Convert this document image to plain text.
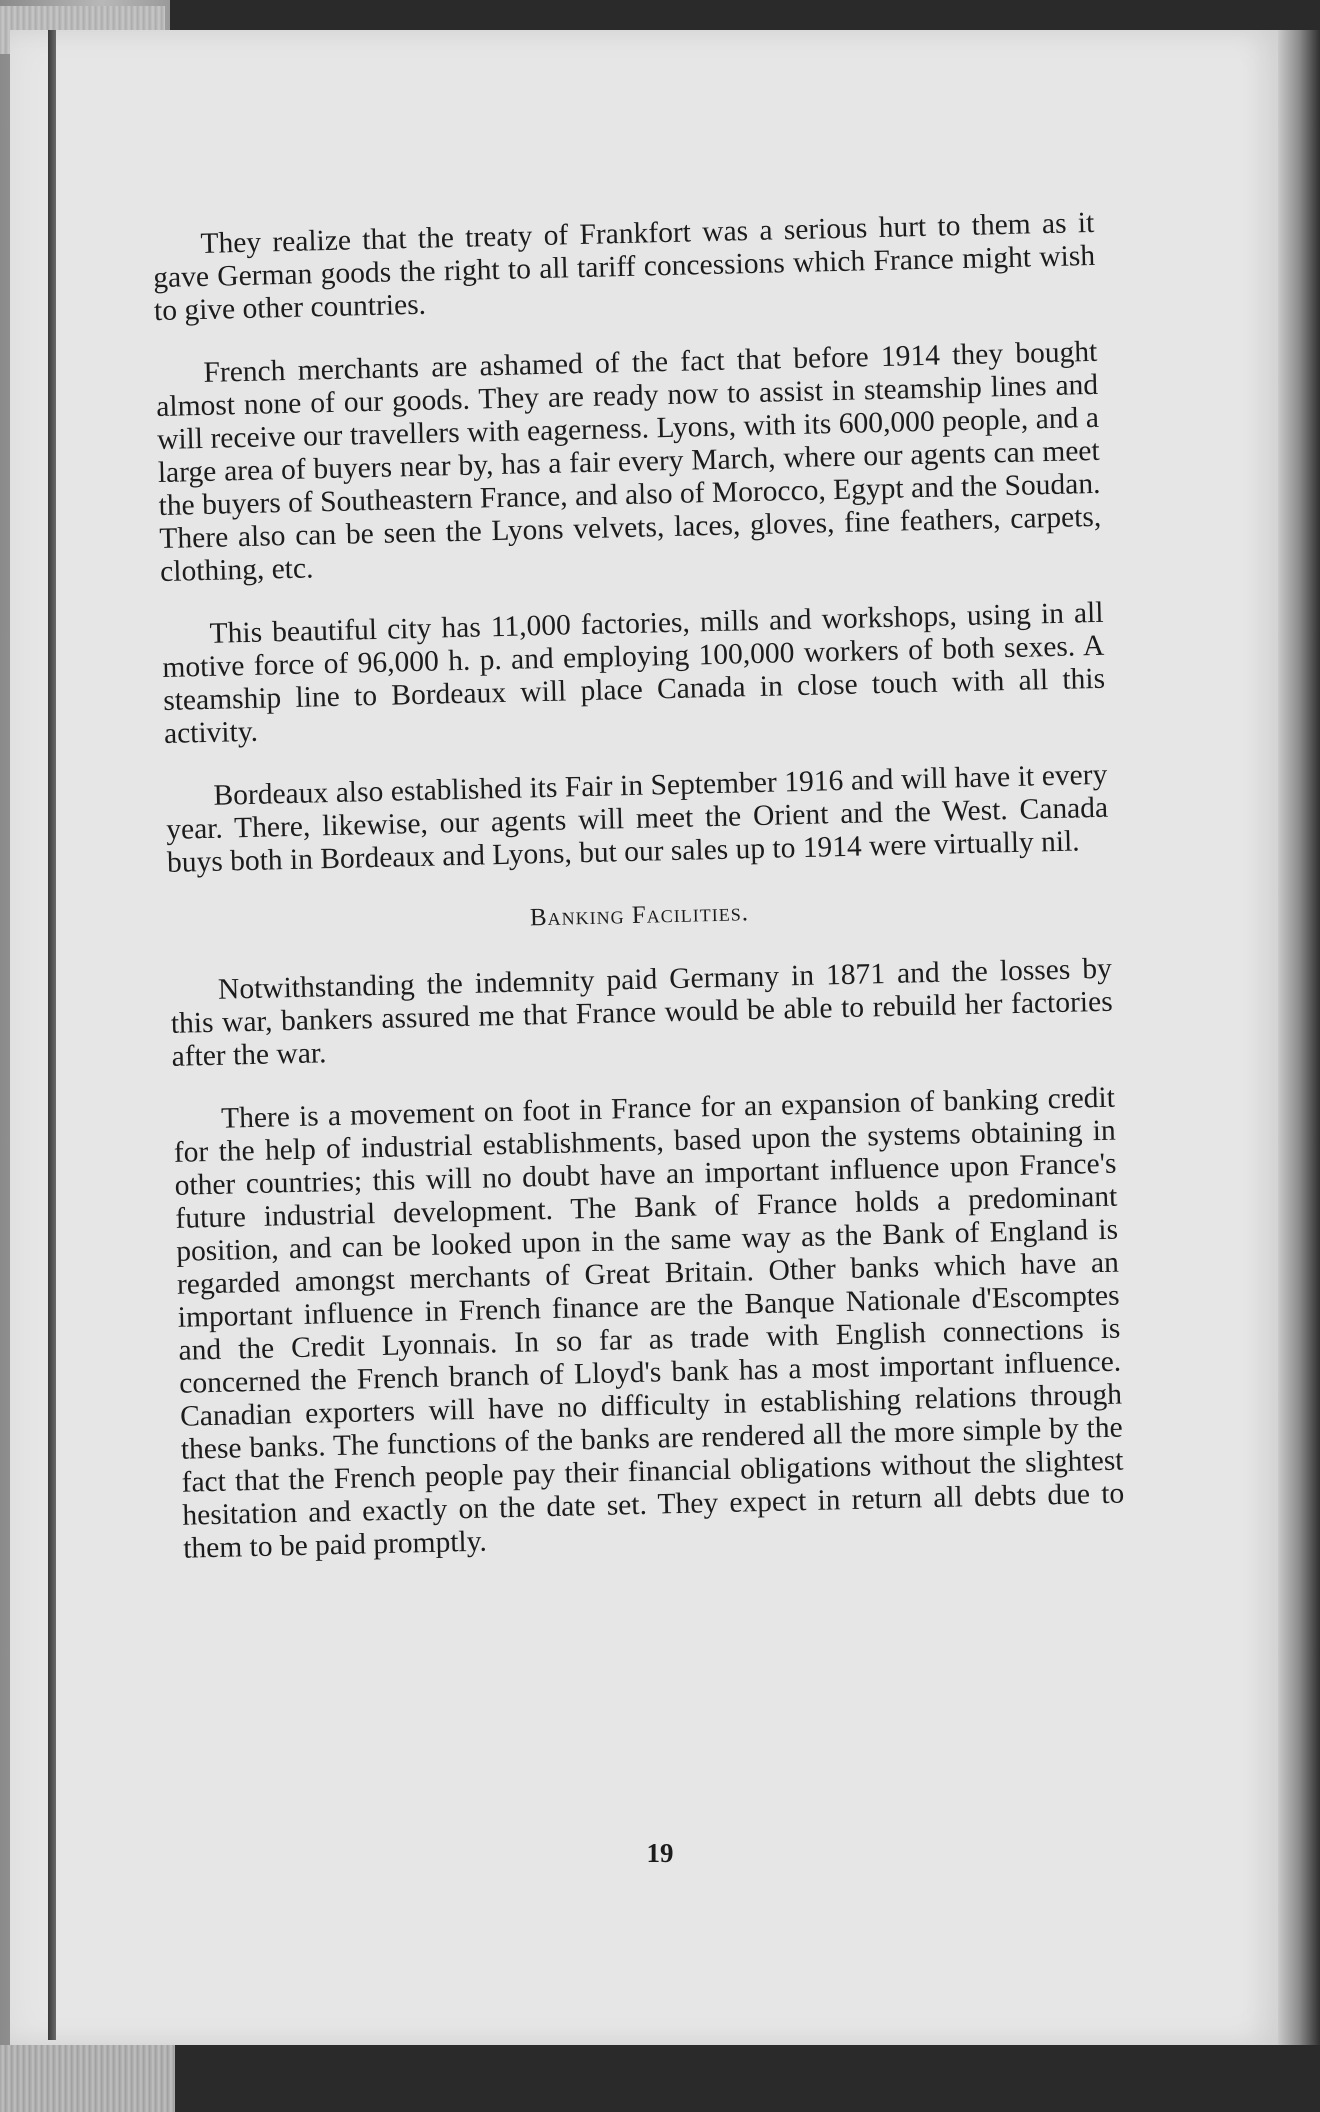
They realize that the treaty of Frankfort was a serious hurt to them as it gave German goods the right to all tariff concessions which France might wish to give other countries.

French merchants are ashamed of the fact that before 1914 they bought almost none of our goods. They are ready now to assist in steamship lines and will receive our travellers with eagerness. Lyons, with its 600,000 people, and a large area of buyers near by, has a fair every March, where our agents can meet the buyers of Southeastern France, and also of Morocco, Egypt and the Soudan. There also can be seen the Lyons velvets, laces, gloves, fine feathers, carpets, clothing, etc.

This beautiful city has 11,000 factories, mills and workshops, using in all motive force of 96,000 h. p. and employing 100,000 workers of both sexes. A steamship line to Bordeaux will place Canada in close touch with all this activity.

Bordeaux also established its Fair in September 1916 and will have it every year. There, likewise, our agents will meet the Orient and the West. Canada buys both in Bordeaux and Lyons, but our sales up to 1914 were virtually nil.

Banking Facilities.

Notwithstanding the indemnity paid Germany in 1871 and the losses by this war, bankers assured me that France would be able to rebuild her factories after the war.

There is a movement on foot in France for an expansion of banking credit for the help of industrial establishments, based upon the systems obtaining in other countries; this will no doubt have an important influence upon France's future industrial development. The Bank of France holds a predominant position, and can be looked upon in the same way as the Bank of England is regarded amongst merchants of Great Britain. Other banks which have an important influence in French finance are the Banque Nationale d'Escomptes and the Credit Lyonnais. In so far as trade with English connections is concerned the French branch of Lloyd's bank has a most important influence. Canadian exporters will have no difficulty in establishing relations through these banks. The functions of the banks are rendered all the more simple by the fact that the French people pay their financial obligations without the slightest hesitation and exactly on the date set. They expect in return all debts due to them to be paid promptly.

19
